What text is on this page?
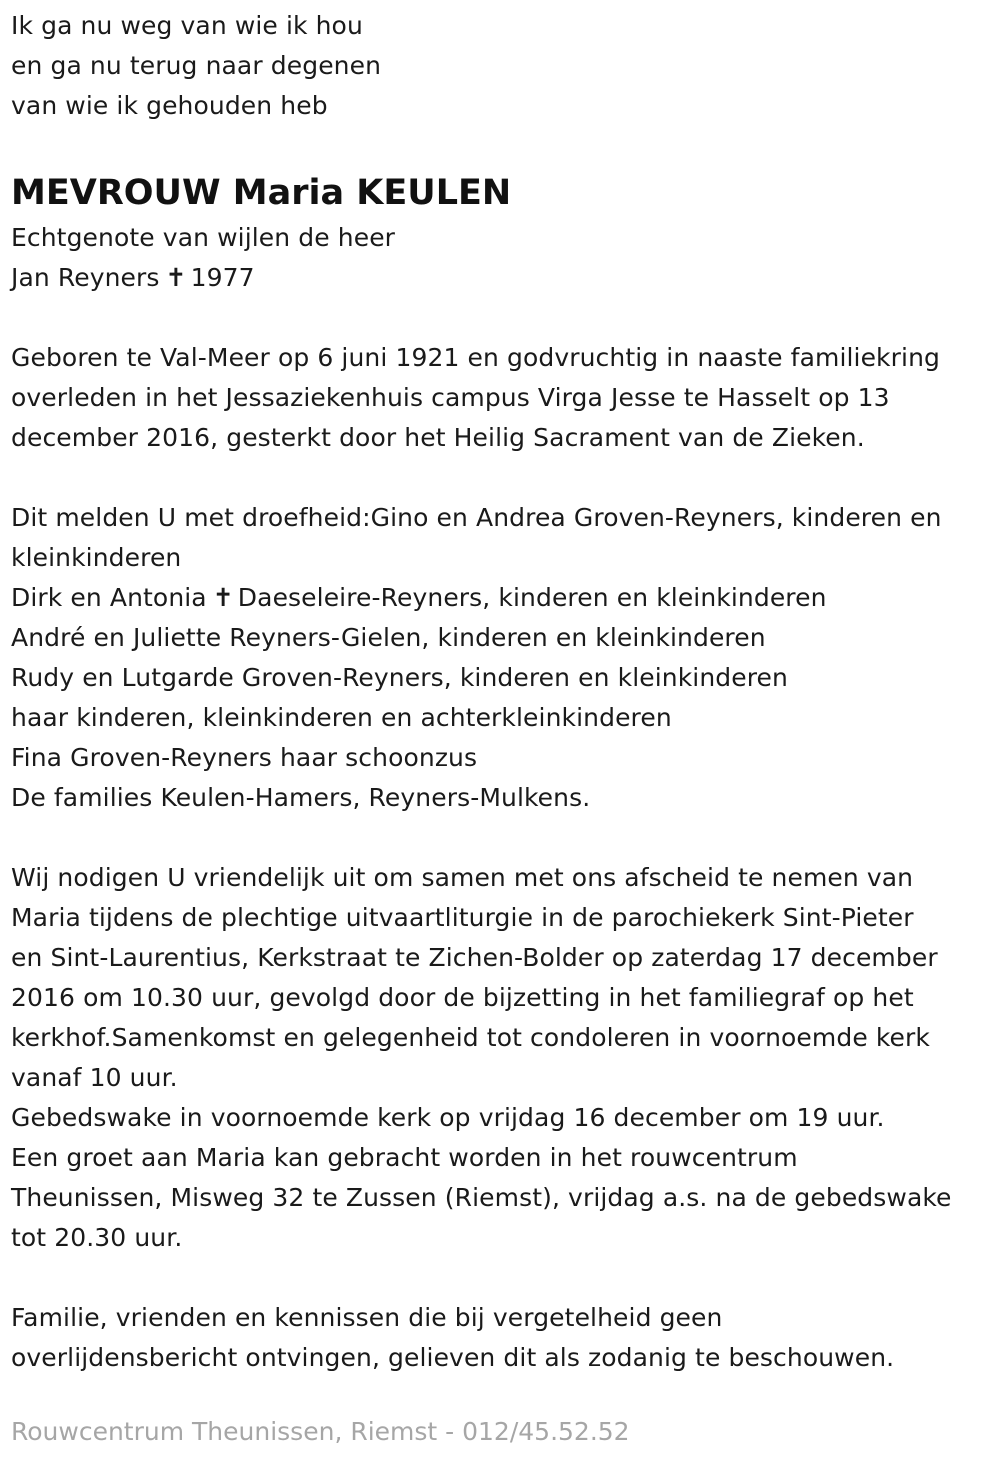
Ik ga nu weg van wie ik hou
en ga nu terug naar degenen
van wie ik gehouden heb
MEVROUW Maria KEULEN
Echtgenote van wijlen de heer
Jan Reyners ✝ 1977
Geboren te Val-Meer op 6 juni 1921 en godvruchtig in naaste familiekring
overleden in het Jessaziekenhuis campus Virga Jesse te Hasselt op 13
december 2016, gesterkt door het Heilig Sacrament van de Zieken.
Dit melden U met droefheid:Gino en Andrea Groven-Reyners, kinderen en
kleinkinderen
Dirk en Antonia ✝ Daeseleire-Reyners, kinderen en kleinkinderen
André en Juliette Reyners-Gielen, kinderen en kleinkinderen
Rudy en Lutgarde Groven-Reyners, kinderen en kleinkinderen
haar kinderen, kleinkinderen en achterkleinkinderen
Fina Groven-Reyners haar schoonzus
De families Keulen-Hamers, Reyners-Mulkens.
Wij nodigen U vriendelijk uit om samen met ons afscheid te nemen van
Maria tijdens de plechtige uitvaartliturgie in de parochiekerk Sint-Pieter
en Sint-Laurentius, Kerkstraat te Zichen-Bolder op zaterdag 17 december
2016 om 10.30 uur, gevolgd door de bijzetting in het familiegraf op het
kerkhof.Samenkomst en gelegenheid tot condoleren in voornoemde kerk
vanaf 10 uur.
Gebedswake in voornoemde kerk op vrijdag 16 december om 19 uur.
Een groet aan Maria kan gebracht worden in het rouwcentrum
Theunissen, Misweg 32 te Zussen (Riemst), vrijdag a.s. na de gebedswake
tot 20.30 uur.
Familie, vrienden en kennissen die bij vergetelheid geen
overlijdensbericht ontvingen, gelieven dit als zodanig te beschouwen.
Rouwcentrum Theunissen, Riemst - 012/45.52.52
